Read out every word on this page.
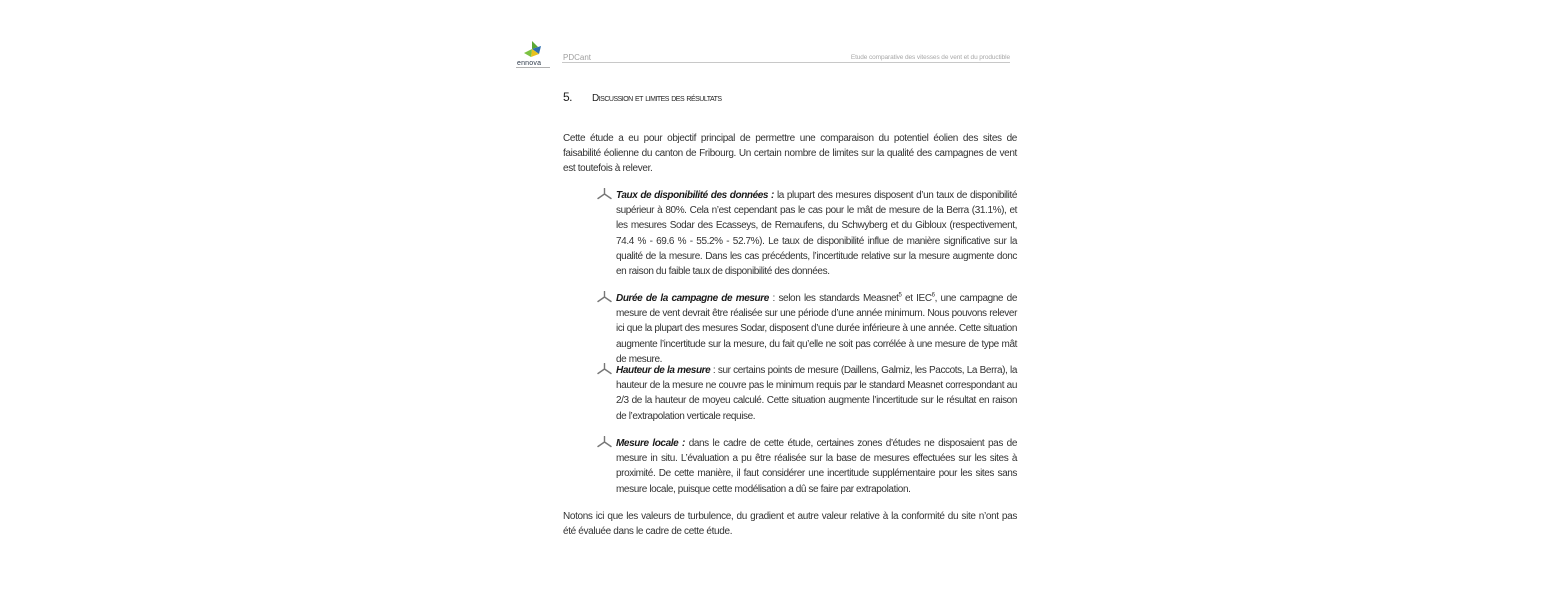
ennova
PDCant	Etude comparative des vitesses de vent et du productible
5. Discussion et limites des résultats
Cette étude a eu pour objectif principal de permettre une comparaison du potentiel éolien des sites de faisabilité éolienne du canton de Fribourg. Un certain nombre de limites sur la qualité des campagnes de vent est toutefois à relever.
Taux de disponibilité des données : la plupart des mesures disposent d’un taux de disponibilité supérieur à 80%. Cela n’est cependant pas le cas pour le mât de mesure de la Berra (31.1%), et les mesures Sodar des Ecasseys, de Remaufens, du Schwyberg et du Gibloux (respectivement, 74.4 % - 69.6 % - 55.2% - 52.7%). Le taux de disponibilité influe de manière significative sur la qualité de la mesure. Dans les cas précédents, l’incertitude relative sur la mesure augmente donc en raison du faible taux de disponibilité des données.
Durée de la campagne de mesure : selon les standards Measnet$^5$ et IEC$^6$, une campagne de mesure de vent devrait être réalisée sur une période d’une année minimum. Nous pouvons relever ici que la plupart des mesures Sodar, disposent d’une durée inférieure à une année. Cette situation augmente l’incertitude sur la mesure, du fait qu’elle ne soit pas corrélée à une mesure de type mât de mesure.
Hauteur de la mesure : sur certains points de mesure (Daillens, Galmiz, les Paccots, La Berra), la hauteur de la mesure ne couvre pas le minimum requis par le standard Measnet correspondant au 2/3 de la hauteur de moyeu calculé. Cette situation augmente l’incertitude sur le résultat en raison de l’extrapolation verticale requise.
Mesure locale : dans le cadre de cette étude, certaines zones d’études ne disposaient pas de mesure in situ. L’évaluation a pu être réalisée sur la base de mesures effectuées sur les sites à proximité. De cette manière, il faut considérer une incertitude supplémentaire pour les sites sans mesure locale, puisque cette modélisation a dû se faire par extrapolation.
Notons ici que les valeurs de turbulence, du gradient et autre valeur relative à la conformité du site n’ont pas été évaluée dans le cadre de cette étude.
